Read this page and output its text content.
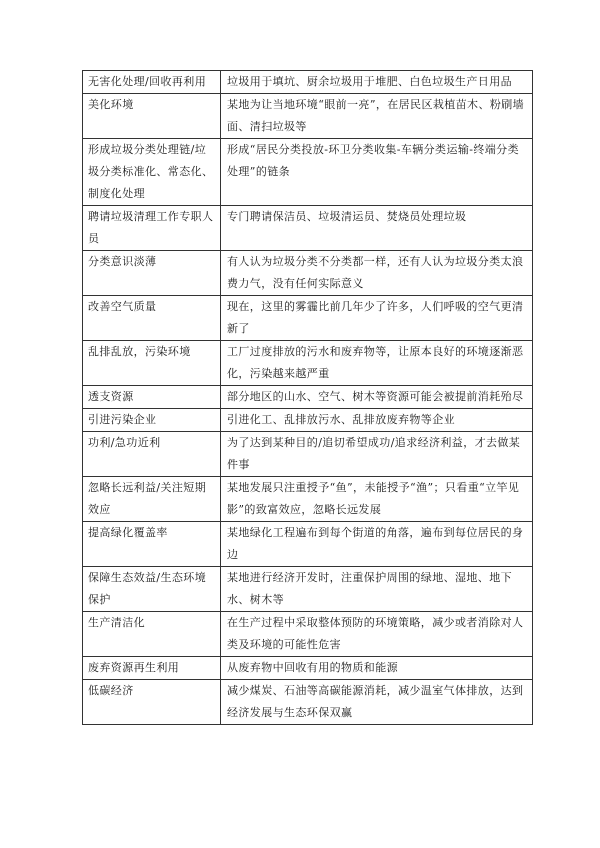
无害化处理/回收再利用	垃圾用于填坑、厨余垃圾用于堆肥、白色垃圾生产日用品
美化环境	某地为让当地环境“眼前一亮”，在居民区栽植苗木、粉刷墙面、清扫垃圾等
形成垃圾分类处理链/垃圾分类标准化、常态化、制度化处理	形成“居民分类投放-环卫分类收集-车辆分类运输-终端分类处理”的链条
聘请垃圾清理工作专职人员	专门聘请保洁员、垃圾清运员、焚烧员处理垃圾
分类意识淡薄	有人认为垃圾分类不分类都一样，还有人认为垃圾分类太浪费力气，没有任何实际意义
改善空气质量	现在，这里的雾霾比前几年少了许多，人们呼吸的空气更清新了
乱排乱放，污染环境	工厂过度排放的污水和废弃物等，让原本良好的环境逐渐恶化，污染越来越严重
透支资源	部分地区的山水、空气、树木等资源可能会被提前消耗殆尽
引进污染企业	引进化工、乱排放污水、乱排放废弃物等企业
功利/急功近利	为了达到某种目的/追切希望成功/追求经济利益，才去做某件事
忽略长远利益/关注短期效应	某地发展只注重授予“鱼”，未能授予“渔”；只看重“立竿见影”的致富效应，忽略长远发展
提高绿化覆盖率	某地绿化工程遍布到每个街道的角落，遍布到每位居民的身边
保障生态效益/生态环境保护	某地进行经济开发时，注重保护周围的绿地、湿地、地下水、树木等
生产清洁化	在生产过程中采取整体预防的环境策略，减少或者消除对人类及环境的可能性危害
废弃资源再生利用	从废弃物中回收有用的物质和能源
低碳经济	减少煤炭、石油等高碳能源消耗，减少温室气体排放，达到经济发展与生态环保双赢
